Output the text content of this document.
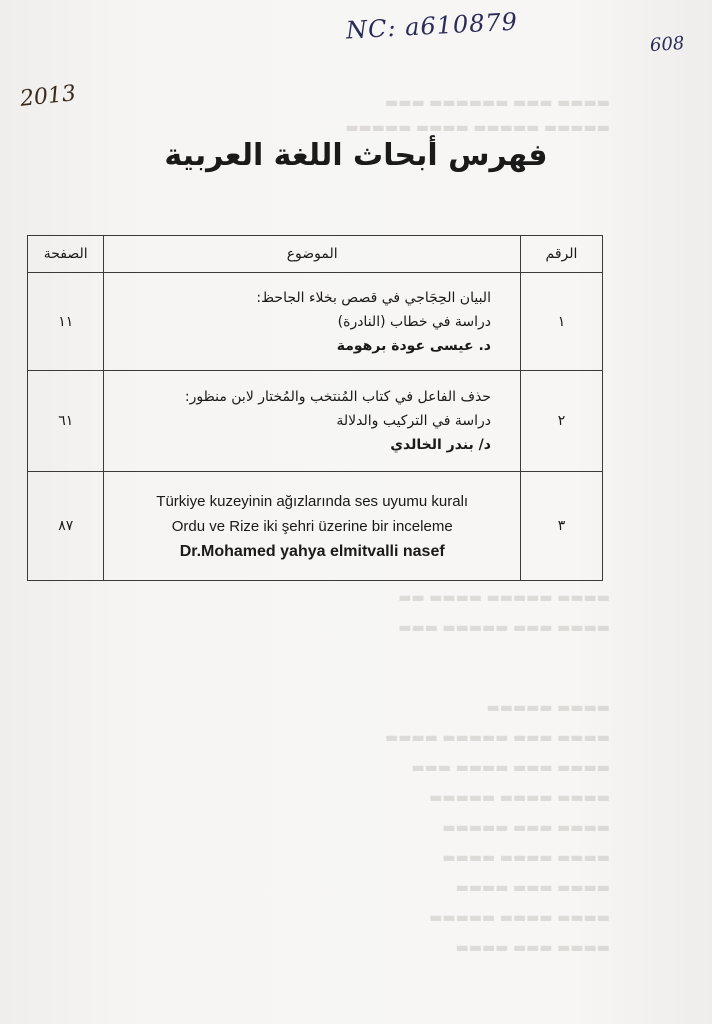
▬▬▬▬ ▬▬▬ ▬▬▬▬▬▬ ▬▬▬
▬▬▬▬▬ ▬▬▬▬▬ ▬▬▬▬ ▬▬▬▬▬
▬▬▬▬ ▬▬▬▬▬ ▬▬▬▬ ▬▬
▬▬▬▬ ▬▬▬ ▬▬▬▬▬ ▬▬▬
▬▬▬▬ ▬▬▬▬▬
▬▬▬▬ ▬▬▬ ▬▬▬▬▬ ▬▬▬▬
▬▬▬▬ ▬▬▬ ▬▬▬▬ ▬▬▬
▬▬▬▬ ▬▬▬▬ ▬▬▬▬▬
▬▬▬▬ ▬▬▬ ▬▬▬▬▬
▬▬▬▬ ▬▬▬▬ ▬▬▬▬
▬▬▬▬ ▬▬▬ ▬▬▬▬
▬▬▬▬ ▬▬▬▬ ▬▬▬▬▬
▬▬▬▬ ▬▬▬ ▬▬▬▬
NC: a610879
608
2013
فهرس أبحاث اللغة العربية
الرقم	الموضوع	الصفحة
١	البيان الحِجَاجي في قصص بخلاء الجاحظ:
دراسة في خطاب (النادرة)
د. عيسى عودة برهومة	١١
٢	حذف الفاعل في كتاب المُنتخب والمُختار لابن منظور:
دراسة في التركيب والدلالة
د/ بندر الخالدي	٦١
٣	Türkiye kuzeyinin ağızlarında ses uyumu kuralı
Ordu ve Rize iki şehri üzerine bir inceleme
Dr.Mohamed yahya elmitvalli nasef	٨٧
